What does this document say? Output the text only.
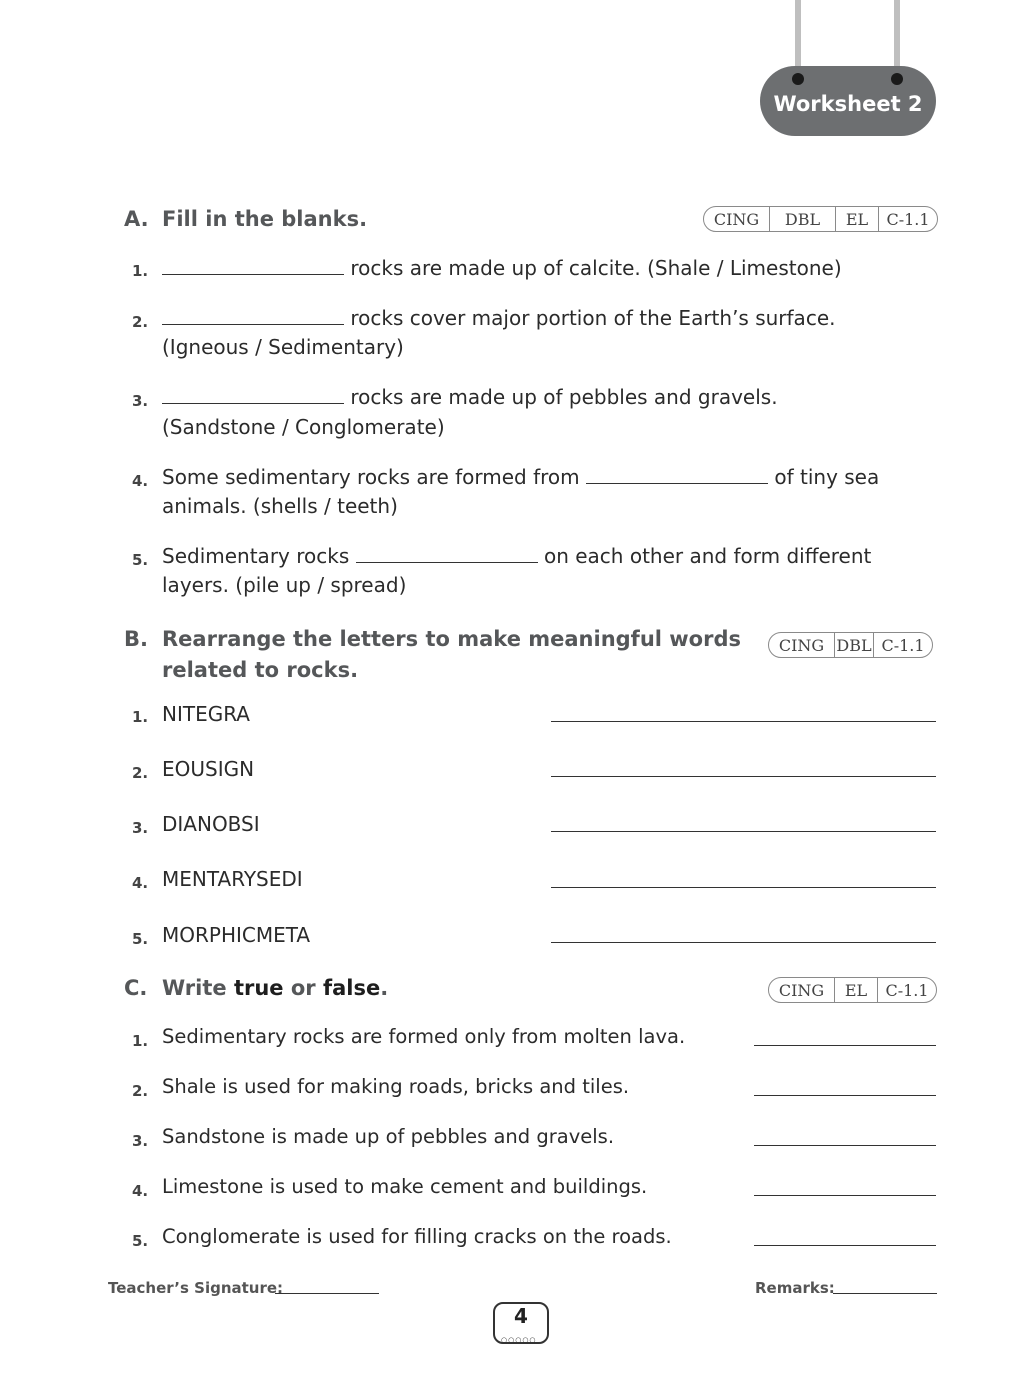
Worksheet 2
A. Fill in the blanks.	CING	DBL	EL	C-1.1
1.	rocks are made up of calcite. (Shale / Limestone)
2.	rocks cover major portion of the Earth’s surface.
(Igneous / Sedimentary)
3.	rocks are made up of pebbles and gravels.
(Sandstone / Conglomerate)
4. Some sedimentary rocks are formed from	of tiny sea
animals. (shells / teeth)
5. Sedimentary rocks	on each other and form different
layers. (pile up / spread)
B. Rearrange the letters to make meaningful words
related to rocks.
CING DBL C-1.1
1. NITEGRA
2. EOUSIGN
3. DIANOBSI
4. MENTARYSEDI
5. MORPHICMETA
C. Write true or false.	CING	EL	C-1.1
1. Sedimentary rocks are formed only from molten lava.
2. Shale is used for making roads, bricks and tiles.
3. Sandstone is made up of pebbles and gravels.
4. Limestone is used to make cement and buildings.
5. Conglomerate is used for filling cracks on the roads.
Teacher’s Signature:	Remarks:
4
○○○○○
